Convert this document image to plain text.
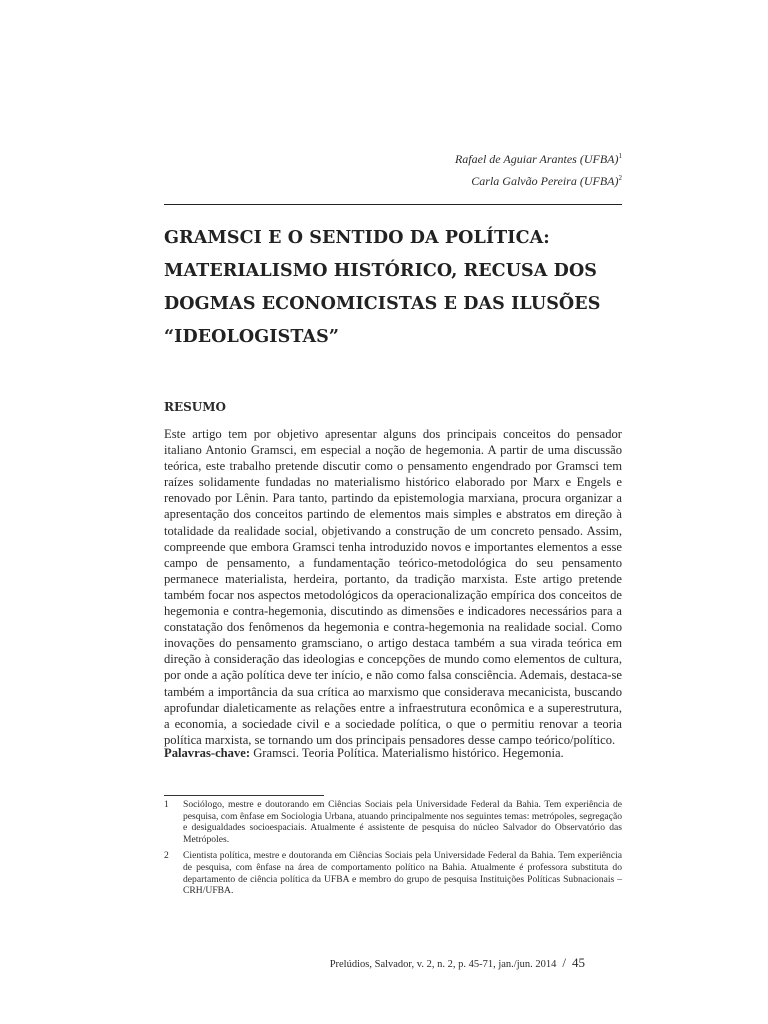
Rafael de Aguiar Arantes (UFBA)$^1$
Carla Galvão Pereira (UFBA)$^2$
GRAMSCI E O SENTIDO DA POLÍTICA:
MATERIALISMO HISTÓRICO, RECUSA DOS
DOGMAS ECONOMICISTAS E DAS ILUSÕES
“IDEOLOGISTAS”
RESUMO

Este artigo tem por objetivo apresentar alguns dos principais conceitos do pensador italiano Antonio Gramsci, em especial a noção de hegemonia. A partir de uma discussão teórica, este trabalho pretende discutir como o pensamento engendrado por Gramsci tem raízes solidamente fundadas no materialismo histórico elaborado por Marx e Engels e renovado por Lênin. Para tanto, partindo da epistemologia marxiana, procura organizar a apresentação dos conceitos partindo de elementos mais simples e abstratos em direção à totalidade da realidade social, objetivando a construção de um concreto pensado. Assim, compreende que embora Gramsci tenha introduzido novos e importantes elementos a esse campo de pensamento, a fundamentação teórico-metodológica do seu pensamento permanece materialista, herdeira, portanto, da tradição marxista. Este artigo pretende também focar nos aspectos metodológicos da operacionalização empírica dos conceitos de hegemonia e contra-hegemonia, discutindo as dimensões e indicadores necessários para a constatação dos fenômenos da hegemonia e contra-hegemonia na realidade social. Como inovações do pensamento gramsciano, o artigo destaca também a sua virada teórica em direção à consideração das ideologias e concepções de mundo como elementos de cultura, por onde a ação política deve ter início, e não como falsa consciência. Ademais, destaca-se também a importância da sua crítica ao marxismo que considerava mecanicista, buscando aprofundar dialeticamente as relações entre a infraestrutura econômica e a superestrutura, a economia, a sociedade civil e a sociedade política, o que o permitiu renovar a teoria política marxista, se tornando um dos principais pensadores desse campo teórico/político.

Palavras-chave: Gramsci. Teoria Política. Materialismo histórico. Hegemonia.

1	Sociólogo, mestre e doutorando em Ciências Sociais pela Universidade Federal da Bahia. Tem experiência de pesquisa, com ênfase em Sociologia Urbana, atuando principalmente nos seguintes temas: metrópoles, segregação e desigualdades socioespaciais. Atualmente é assistente de pesquisa do núcleo Salvador do Observatório das Metrópoles.
2	Cientista política, mestre e doutoranda em Ciências Sociais pela Universidade Federal da Bahia. Tem experiência de pesquisa, com ênfase na área de comportamento político na Bahia. Atualmente é professora substituta do departamento de ciência política da UFBA e membro do grupo de pesquisa Instituições Políticas Subnacionais – CRH/UFBA.
Prelúdios, Salvador, v. 2, n. 2, p. 45-71, jan./jun. 2014 / 45
